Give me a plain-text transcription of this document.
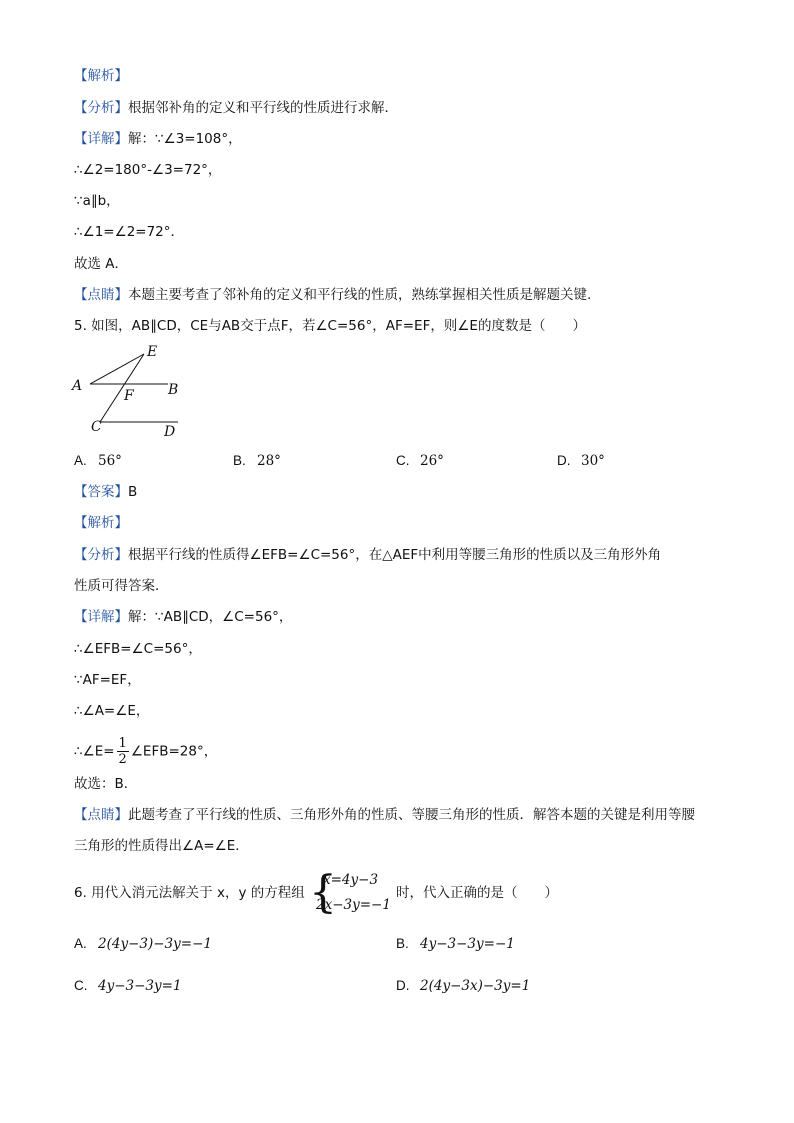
【解析】
【分析】根据邻补角的定义和平行线的性质进行求解．
【详解】解：∵∠3=108°，
∴∠2=180°-∠3=72°，
∵a∥b，
∴∠1=∠2=72°．
故选 A．
【点睛】本题主要考查了邻补角的定义和平行线的性质，熟练掌握相关性质是解题关键.
5. 如图，AB∥CD，CE与AB交于点F，若∠C=56°，AF=EF，则∠E的度数是（　　）
E
A	B
F
C	D
A. 56°	B. 28°	C. 26°	D. 30°
【答案】B
【解析】
【分析】根据平行线的性质得∠EFB=∠C=56°，在△AEF中利用等腰三角形的性质以及三角形外角
性质可得答案．
【详解】解：∵AB∥CD，∠C=56°，
∴∠EFB=∠C=56°，
∵AF=EF，
∴∠A=∠E，
∴∠E= $\frac{1}{2}$ ∠EFB=28°，
故选：B．
【点睛】此题考查了平行线的性质、三角形外角的性质、等腰三角形的性质．解答本题的关键是利用等腰
三角形的性质得出∠A=∠E．
6. 用代入消元法解关于 x，y 的方程组 {
x=4y−3
2x−3y=−1
时，代入正确的是（　　）
A. 2(4y−3)−3y=−1	B. 4y−3−3y=−1
C. 4y−3−3y=1	D. 2(4y−3x)−3y=1
